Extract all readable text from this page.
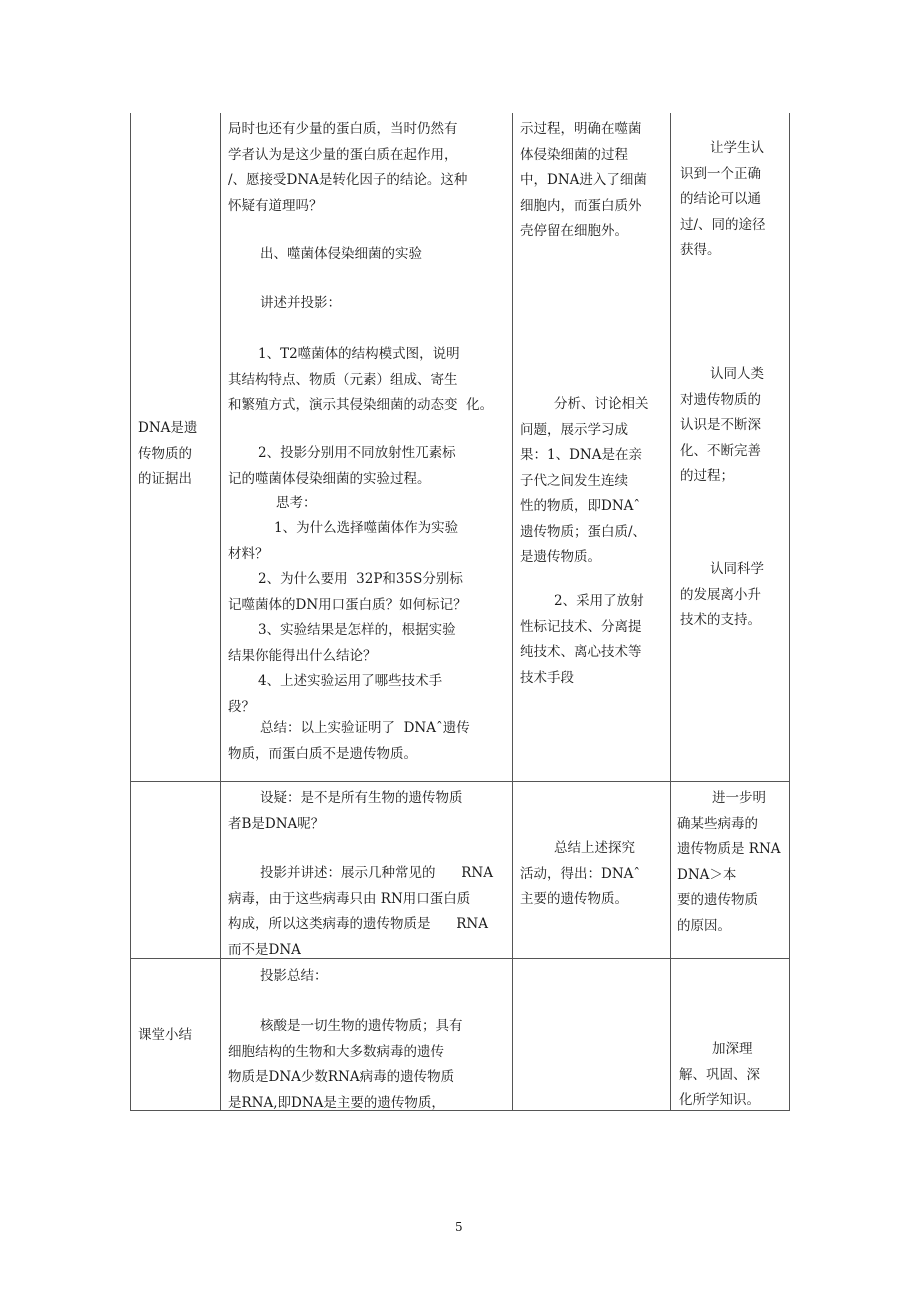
DNA是遗

传物质的

的证据出

局时也还有少量的蛋白质，当时仍然有

学者认为是这少量的蛋白质在起作用，

/、愿接受DNA是转化因子的结论。这种

怀疑有道理吗？

出、噬菌体侵染细菌的实验

讲述并投影：

1、T2噬菌体的结构模式图，说明

其结构特点、物质（元素）组成、寄生

和繁殖方式，演示其侵染细菌的动态变  化。

2、投影分别用不同放射性兀素标

记的噬菌体侵染细菌的实验过程。

思考：

1、为什么选择噬菌体作为实验

材料？

2、为什么要用  32P和35S分别标

记噬菌体的DN用口蛋白质？如何标记？

3、实验结果是怎样的，根据实验

结果你能得出什么结论？

4、上述实验运用了哪些技术手

段？

总结：以上实验证明了  DNAˆ遗传

物质，而蛋白质不是遗传物质。

示过程，明确在噬菌

体侵染细菌的过程

中，DNA进入了细菌

细胞内，而蛋白质外

壳停留在细胞外。

分析、讨论相关

问题，展示学习成

果：1、DNA是在亲

子代之间发生连续

性的物质，即DNAˆ

遗传物质；蛋白质/、

是遗传物质。

2、采用了放射

性标记技术、分离提

纯技术、离心技术等

技术手段

让学生认

识到一个正确

的结论可以通

过/、同的途径

获得。

认同人类

对遗传物质的

认识是不断深

化、不断完善

的过程；

认同科学

的发展离小升

技术的支持。

设疑：是不是所有生物的遗传物质

者B是DNA呢？

投影并讲述：展示几种常见的      RNA

病毒，由于这些病毒只由 RN用口蛋白质

构成，所以这类病毒的遗传物质是      RNA

而不是DNA

总结上述探究

活动，得出：DNAˆ

主要的遗传物质。

进一步明

确某些病毒的

遗传物质是 RNA

DNA＞本

要的遗传物质

的原因。

课堂小结

投影总结：

核酸是一切生物的遗传物质；具有

细胞结构的生物和大多数病毒的遗传

物质是DNA少数RNA病毒的遗传物质

是RNA,即DNA是主要的遗传物质，

加深理

解、巩固、深

化所学知识。

5
